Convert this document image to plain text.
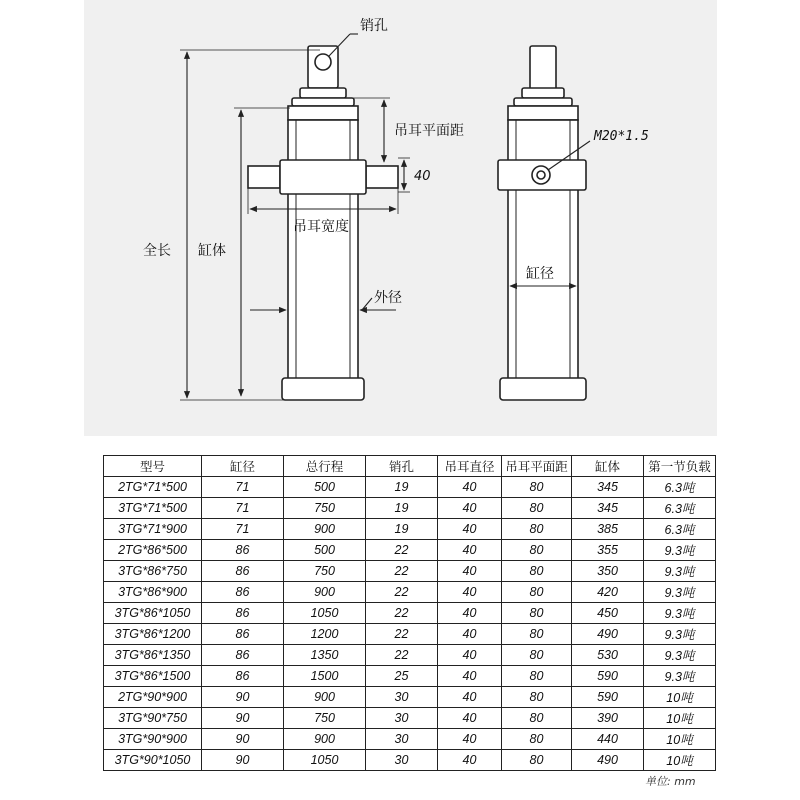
销孔
吊耳平面距
40
吊耳宽度
全长 缸体
外径
M20*1.5
缸径
型号	缸径	总行程	销孔	吊耳直径	吊耳平面距	缸体	第一节负载
2TG*71*500	71	500	19	40	80	345	6.3吨
3TG*71*500	71	750	19	40	80	345	6.3吨
3TG*71*900	71	900	19	40	80	385	6.3吨
2TG*86*500	86	500	22	40	80	355	9.3吨
3TG*86*750	86	750	22	40	80	350	9.3吨
3TG*86*900	86	900	22	40	80	420	9.3吨
3TG*86*1050	86	1050	22	40	80	450	9.3吨
3TG*86*1200	86	1200	22	40	80	490	9.3吨
3TG*86*1350	86	1350	22	40	80	530	9.3吨
3TG*86*1500	86	1500	25	40	80	590	9.3吨
2TG*90*900	90	900	30	40	80	590	10吨
3TG*90*750	90	750	30	40	80	390	10吨
3TG*90*900	90	900	30	40	80	440	10吨
3TG*90*1050	90	1050	30	40	80	490	10吨
单位: mm
